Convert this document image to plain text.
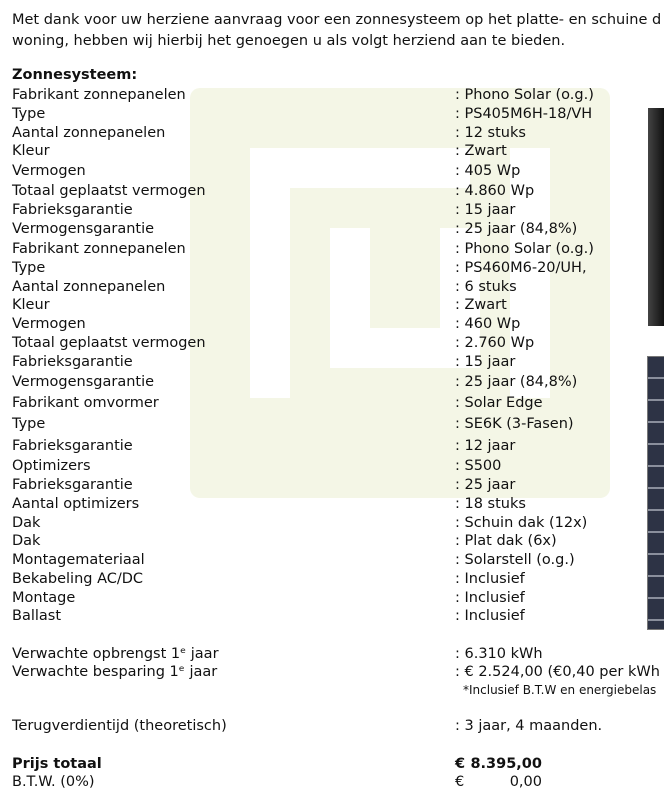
Met dank voor uw herziene aanvraag voor een zonnesysteem op het platte- en schuine d woning, hebben wij hierbij het genoegen u als volgt herziend aan te bieden.
Zonnesysteem:
Fabrikant zonnepanelen	: Phono Solar (o.g.)
Type	: PS405M6H-18/VH
Aantal zonnepanelen	: 12 stuks
Kleur	: Zwart
Vermogen	: 405 Wp
Totaal geplaatst vermogen	: 4.860 Wp
Fabrieksgarantie	: 15 jaar
Vermogensgarantie	: 25 jaar (84,8%)
Fabrikant zonnepanelen	: Phono Solar (o.g.)
Type	: PS460M6-20/UH,
Aantal zonnepanelen	: 6 stuks
Kleur	: Zwart
Vermogen	: 460 Wp
Totaal geplaatst vermogen	: 2.760 Wp
Fabrieksgarantie	: 15 jaar
Vermogensgarantie	: 25 jaar (84,8%)
Fabrikant omvormer	: Solar Edge
Type	: SE6K (3-Fasen)
Fabrieksgarantie	: 12 jaar
Optimizers	: S500
Fabrieksgarantie	: 25 jaar
Aantal optimizers	: 18 stuks
Dak	: Schuin dak (12x)
Dak	: Plat dak (6x)
Montagemateriaal	: Solarstell (o.g.)
Bekabeling AC/DC	: Inclusief
Montage	: Inclusief
Ballast	: Inclusief
Verwachte opbrengst 1ᵉ jaar	: 6.310 kWh
Verwachte besparing 1ᵉ jaar	: € 2.524,00 (€0,40 per kWh
*Inclusief B.T.W en energiebelas
Terugverdientijd (theoretisch)	: 3 jaar, 4 maanden.
Prijs totaal	€ 8.395,00
B.T.W. (0%)	€	0,00
